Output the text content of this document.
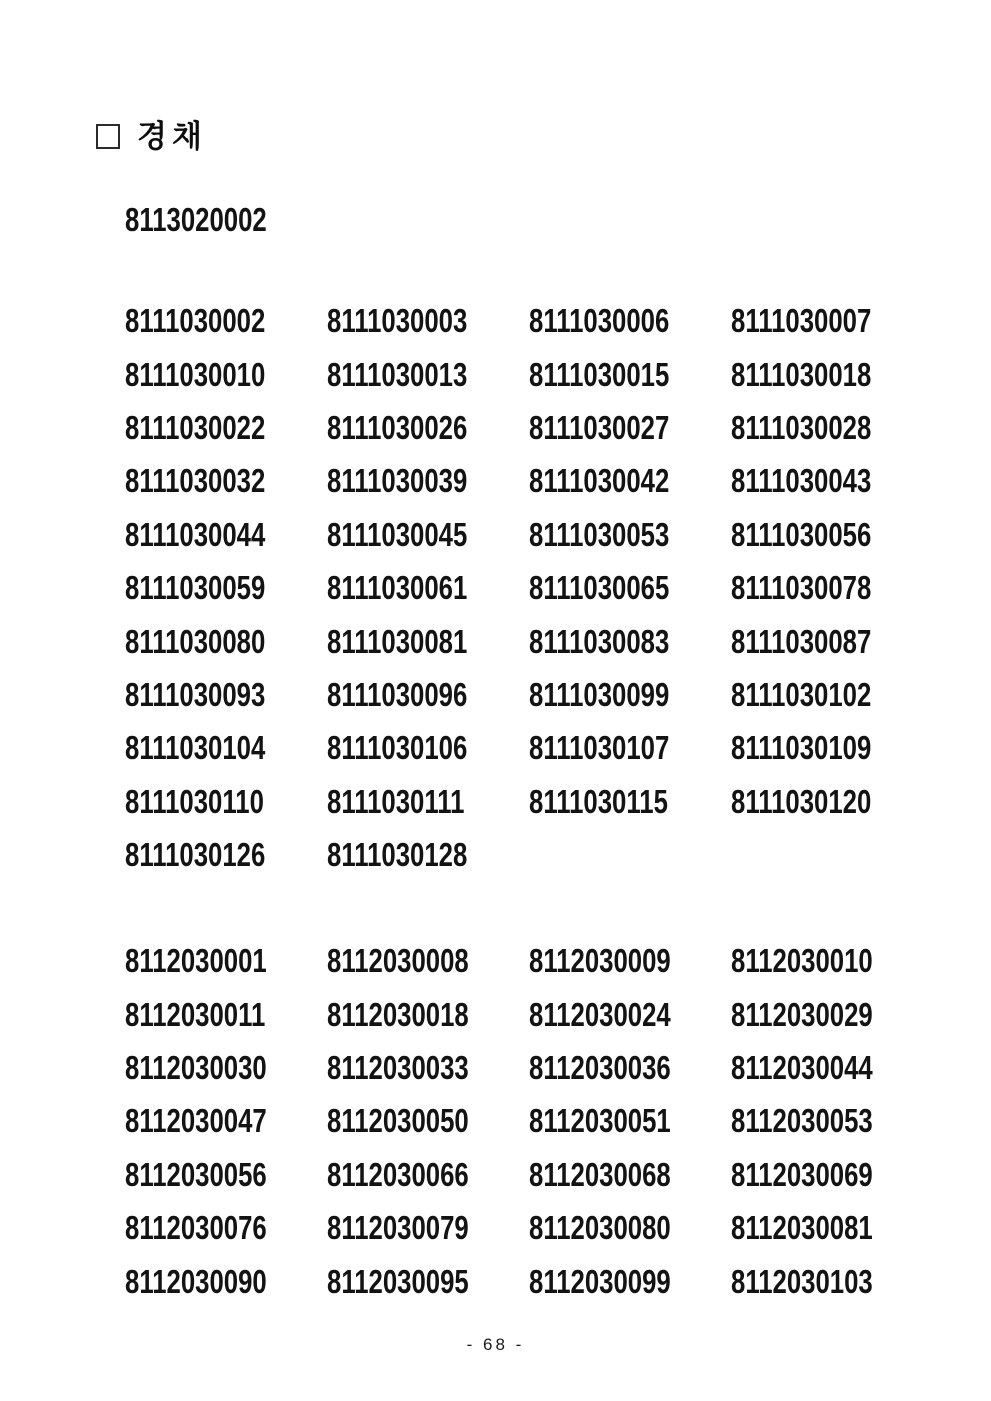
경채
8113020002
8111030002	8111030003	8111030006	8111030007
8111030010	8111030013	8111030015	8111030018
8111030022	8111030026	8111030027	8111030028
8111030032	8111030039	8111030042	8111030043
8111030044	8111030045	8111030053	8111030056
8111030059	8111030061	8111030065	8111030078
8111030080	8111030081	8111030083	8111030087
8111030093	8111030096	8111030099	8111030102
8111030104	8111030106	8111030107	8111030109
8111030110	8111030111	8111030115	8111030120
8111030126	8111030128
8112030001	8112030008	8112030009	8112030010
8112030011	8112030018	8112030024	8112030029
8112030030	8112030033	8112030036	8112030044
8112030047	8112030050	8112030051	8112030053
8112030056	8112030066	8112030068	8112030069
8112030076	8112030079	8112030080	8112030081
8112030090	8112030095	8112030099	8112030103
- 68 -
